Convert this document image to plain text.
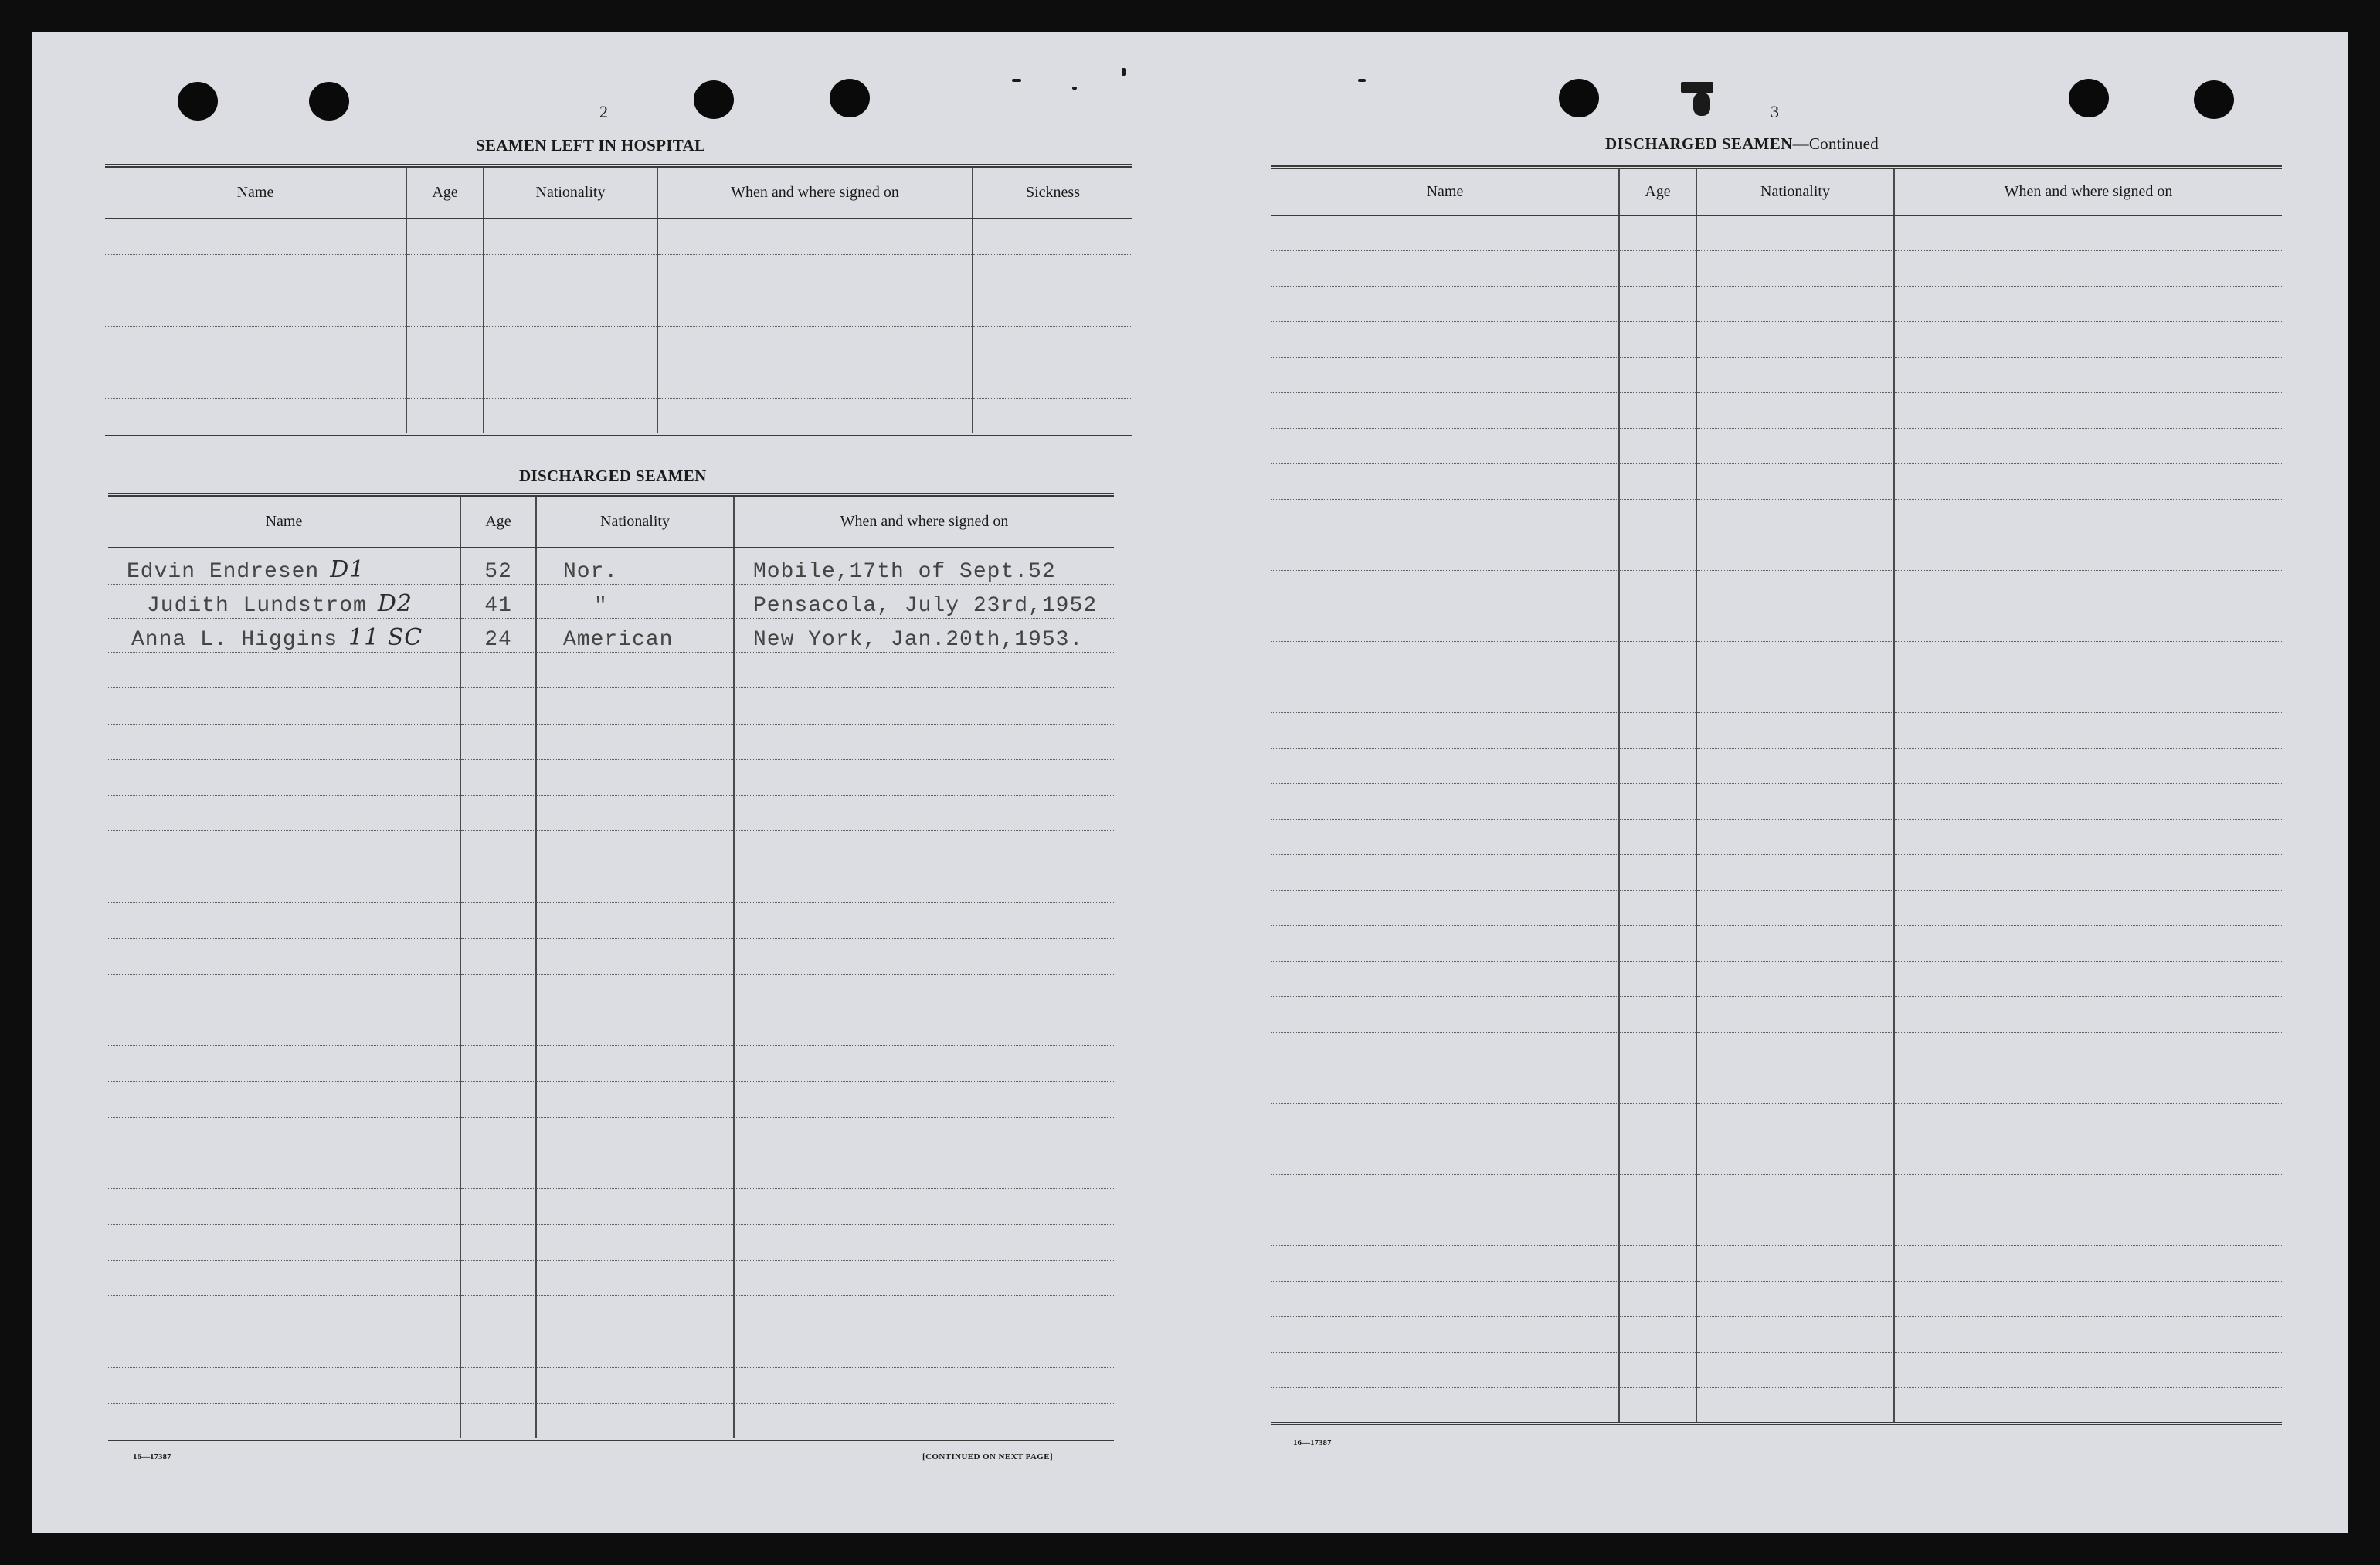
2
SEAMEN LEFT IN HOSPITAL
Name	Age	Nationality	When and where signed on	Sickness

DISCHARGED SEAMEN
Name	Age	Nationality	When and where signed on
Edvin Endresen D1	52	Nor.	Mobile,17th of Sept.52
Judith Lundstrom D2	41	"	Pensacola, July 23rd,1952
Anna L. Higgins 11 SC	24	American	New York, Jan.20th,1953.

16—17387	[CONTINUED ON NEXT PAGE]
3
DISCHARGED SEAMEN—Continued
Name	Age	Nationality	When and where signed on

16—17387
